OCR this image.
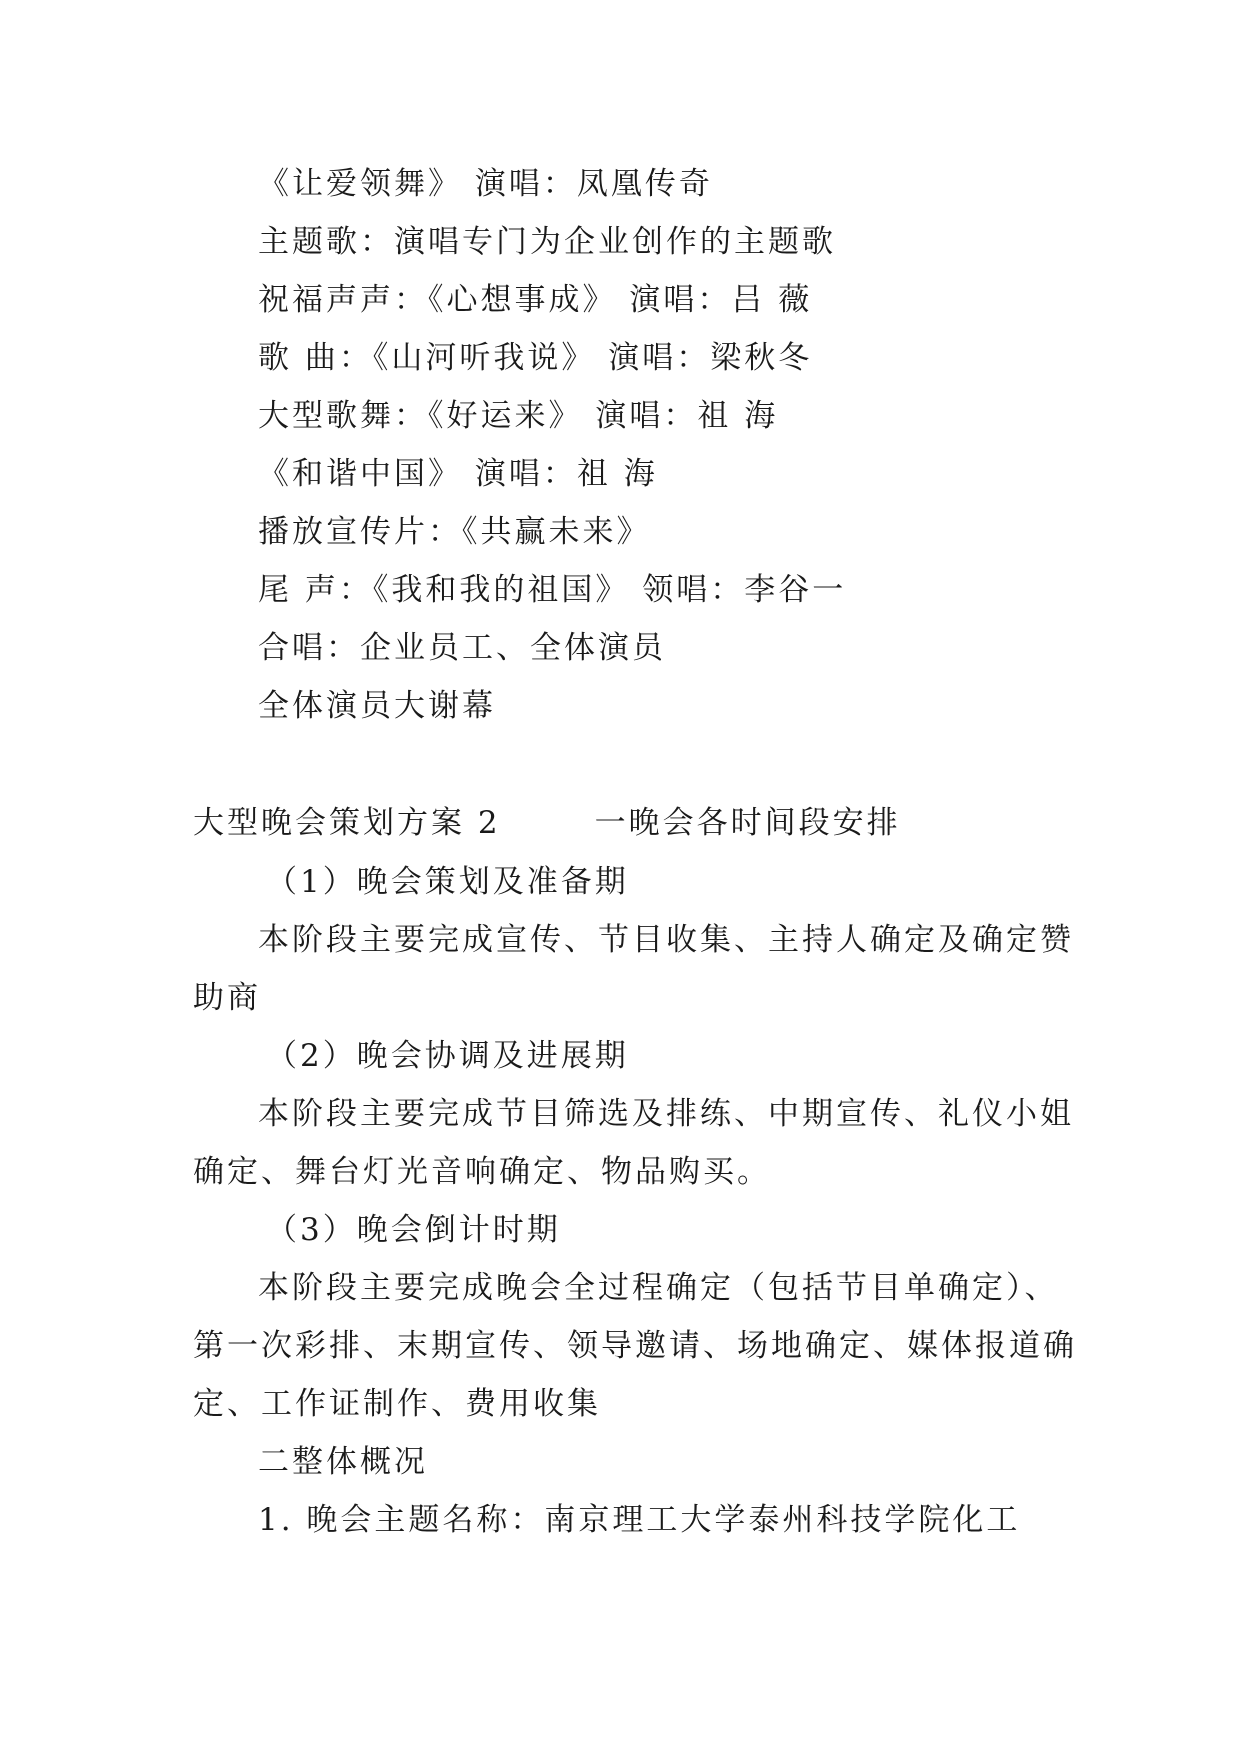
《让爱领舞》 演唱：凤凰传奇
主题歌：演唱专门为企业创作的主题歌
祝福声声：《心想事成》 演唱：吕 薇
歌 曲：《山河听我说》 演唱：梁秋冬
大型歌舞：《好运来》 演唱：祖 海
《和谐中国》 演唱：祖 海
播放宣传片：《共赢未来》
尾 声：《我和我的祖国》 领唱：李谷一
合唱：企业员工、全体演员
全体演员大谢幕
大型晚会策划方案 2	一晚会各时间段安排
（1）晚会策划及准备期
本阶段主要完成宣传、节目收集、主持人确定及确定赞
助商
（2）晚会协调及进展期
本阶段主要完成节目筛选及排练、中期宣传、礼仪小姐
确定、舞台灯光音响确定、物品购买。
（3）晚会倒计时期
本阶段主要完成晚会全过程确定（包括节目单确定）、
第一次彩排、末期宣传、领导邀请、场地确定、媒体报道确
定、工作证制作、费用收集
二整体概况
1. 晚会主题名称：南京理工大学泰州科技学院化工
